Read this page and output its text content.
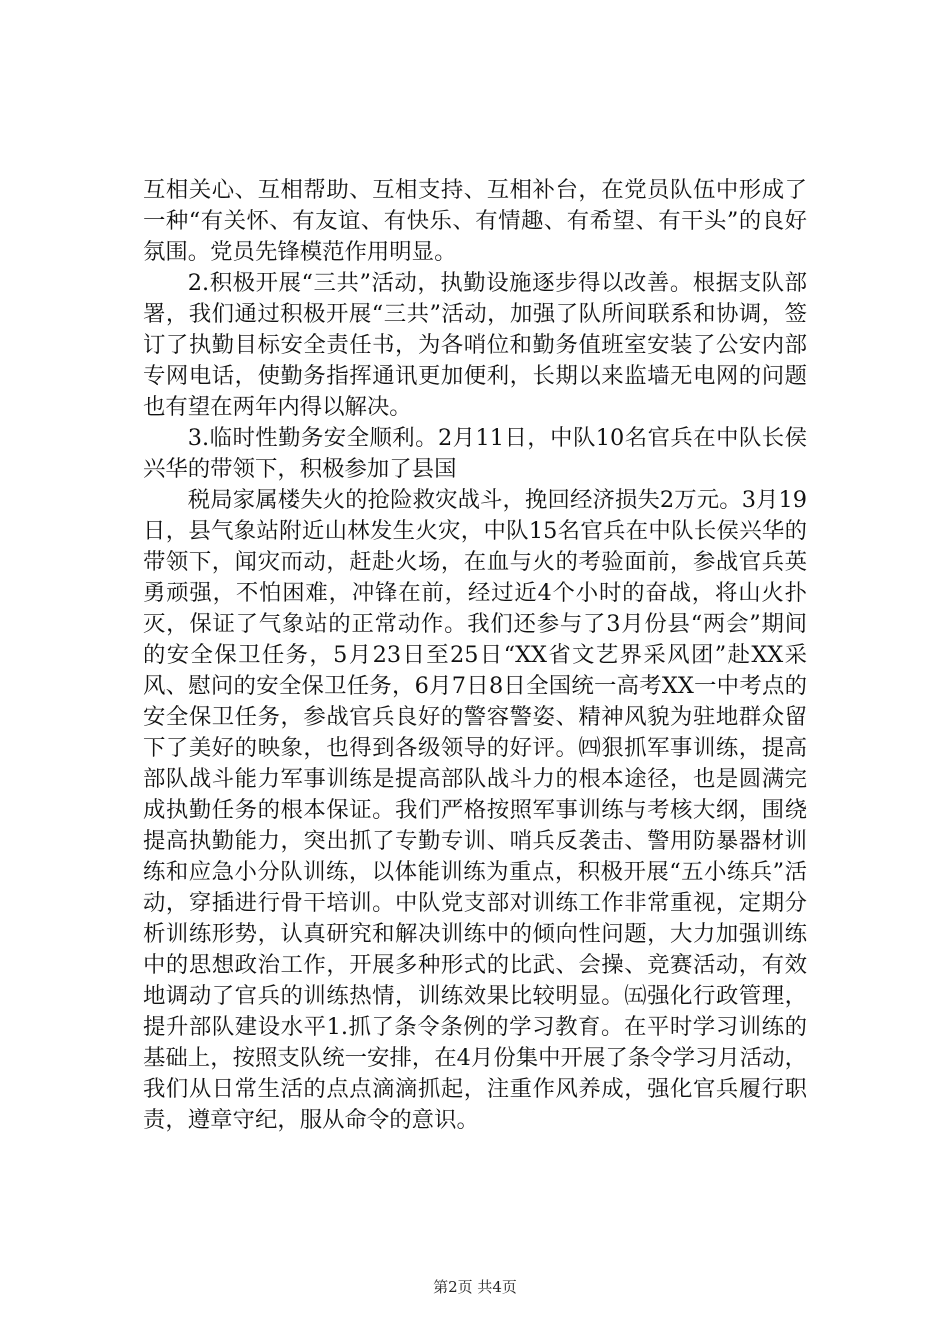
互相关心、互相帮助、互相支持、互相补台，在党员队伍中形成了一种“有关怀、有友谊、有快乐、有情趣、有希望、有干头”的良好氛围。党员先锋模范作用明显。

2.积极开展“三共”活动，执勤设施逐步得以改善。根据支队部署，我们通过积极开展“三共”活动，加强了队所间联系和协调，签订了执勤目标安全责任书，为各哨位和勤务值班室安装了公安内部专网电话，使勤务指挥通讯更加便利，长期以来监墙无电网的问题也有望在两年内得以解决。

3.临时性勤务安全顺利。2月11日，中队10名官兵在中队长侯兴华的带领下，积极参加了县国

税局家属楼失火的抢险救灾战斗，挽回经济损失2万元。3月19日，县气象站附近山林发生火灾，中队15名官兵在中队长侯兴华的带领下，闻灾而动，赶赴火场，在血与火的考验面前，参战官兵英勇顽强，不怕困难，冲锋在前，经过近4个小时的奋战，将山火扑灭，保证了气象站的正常动作。我们还参与了3月份县“两会”期间的安全保卫任务，5月23日至25日“XX省文艺界采风团”赴XX采风、慰问的安全保卫任务，6月7日8日全国统一高考XX一中考点的安全保卫任务，参战官兵良好的警容警姿、精神风貌为驻地群众留下了美好的映象，也得到各级领导的好评。㈣狠抓军事训练，提高部队战斗能力军事训练是提高部队战斗力的根本途径，也是圆满完成执勤任务的根本保证。我们严格按照军事训练与考核大纲，围绕提高执勤能力，突出抓了专勤专训、哨兵反袭击、警用防暴器材训练和应急小分队训练，以体能训练为重点，积极开展“五小练兵”活动，穿插进行骨干培训。中队党支部对训练工作非常重视，定期分析训练形势，认真研究和解决训练中的倾向性问题，大力加强训练中的思想政治工作，开展多种形式的比武、会操、竞赛活动，有效地调动了官兵的训练热情，训练效果比较明显。㈤强化行政管理，提升部队建设水平1.抓了条令条例的学习教育。在平时学习训练的基础上，按照支队统一安排，在4月份集中开展了条令学习月活动，我们从日常生活的点点滴滴抓起，注重作风养成，强化官兵履行职责，遵章守纪，服从命令的意识。

第2页 共4页
